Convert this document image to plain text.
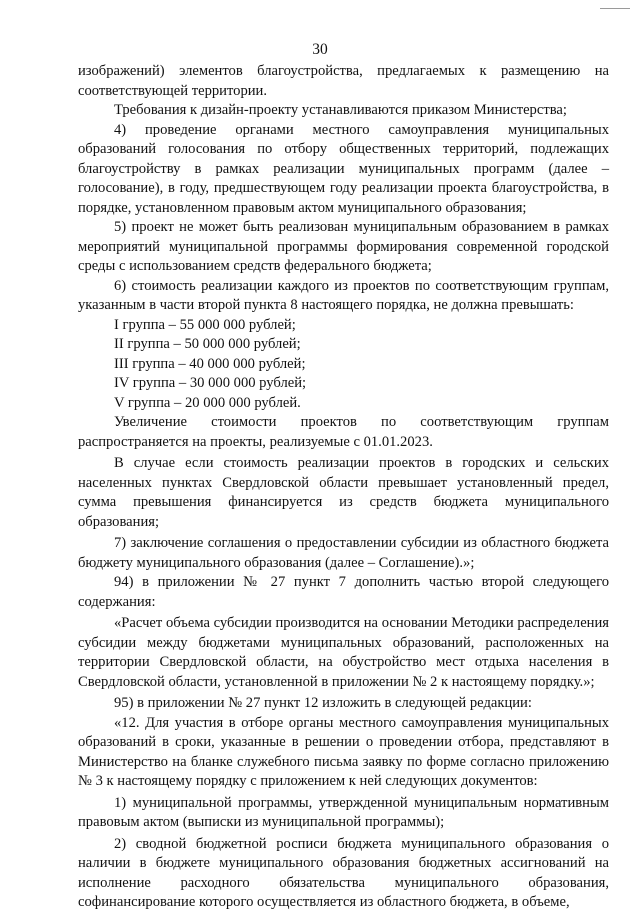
30

изображений) элементов благоустройства, предлагаемых к размещению на соответствующей территории.

Требования к дизайн-проекту устанавливаются приказом Министерства;

4) проведение органами местного самоуправления муниципальных образований голосования по отбору общественных территорий, подлежащих благоустройству в рамках реализации муниципальных программ (далее – голосование), в году, предшествующем году реализации проекта благоустройства, в порядке, установленном правовым актом муниципального образования;

5) проект не может быть реализован муниципальным образованием в рамках мероприятий муниципальной программы формирования современной городской среды с использованием средств федерального бюджета;

6) стоимость реализации каждого из проектов по соответствующим группам, указанным в части второй пункта 8 настоящего порядка, не должна превышать:

I группа – 55 000 000 рублей;

II группа – 50 000 000 рублей;

III группа – 40 000 000 рублей;

IV группа – 30 000 000 рублей;

V группа – 20 000 000 рублей.

Увеличение стоимости проектов по соответствующим группам распространяется на проекты, реализуемые с 01.01.2023.

В случае если стоимость реализации проектов в городских и сельских населенных пунктах Свердловской области превышает установленный предел, сумма превышения финансируется из средств бюджета муниципального образования;

7) заключение соглашения о предоставлении субсидии из областного бюджета бюджету муниципального образования (далее – Соглашение).»;

94) в приложении № 27 пункт 7 дополнить частью второй следующего содержания:

«Расчет объема субсидии производится на основании Методики распределения субсидии между бюджетами муниципальных образований, расположенных на территории Свердловской области, на обустройство мест отдыха населения в Свердловской области, установленной в приложении № 2 к настоящему порядку.»;

95) в приложении № 27 пункт 12 изложить в следующей редакции:

«12. Для участия в отборе органы местного самоуправления муниципальных образований в сроки, указанные в решении о проведении отбора, представляют в Министерство на бланке служебного письма заявку по форме согласно приложению № 3 к настоящему порядку с приложением к ней следующих документов:

1) муниципальной программы, утвержденной муниципальным нормативным правовым актом (выписки из муниципальной программы);

2) сводной бюджетной росписи бюджета муниципального образования о наличии в бюджете муниципального образования бюджетных ассигнований на исполнение расходного обязательства муниципального образования, софинансирование которого осуществляется из областного бюджета, в объеме,
